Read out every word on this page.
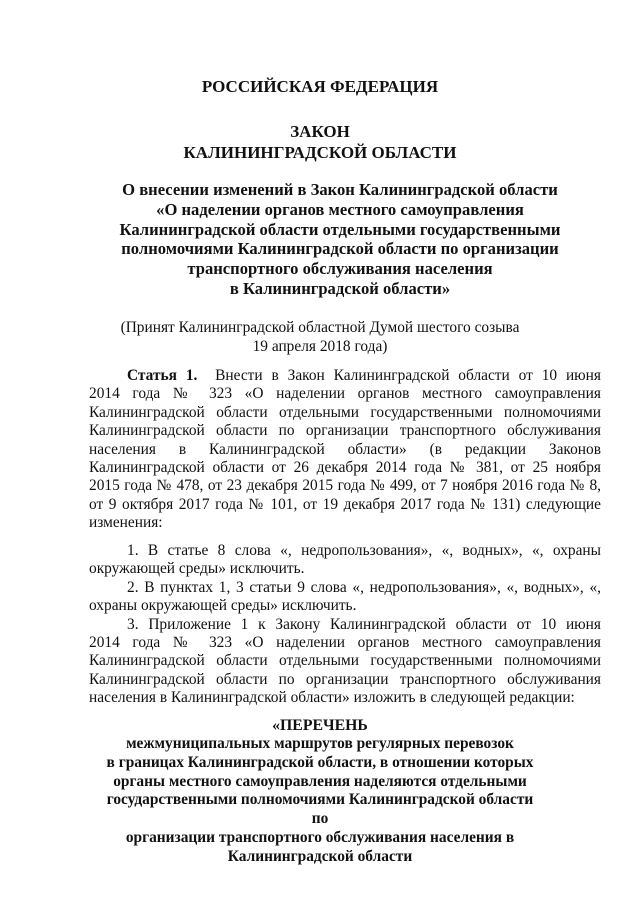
РОССИЙСКАЯ ФЕДЕРАЦИЯ
ЗАКОН
КАЛИНИНГРАДСКОЙ ОБЛАСТИ
О внесении изменений в Закон Калининградской области
«О наделении органов местного самоуправления
Калининградской области отдельными государственными
полномочиями Калининградской области по организации
транспортного обслуживания населения
в Калининградской области»
(Принят Калининградской областной Думой шестого созыва
19 апреля 2018 года)
Статья 1. Внести в Закон Калининградской области от 10 июня
2014 года № 323 «О наделении органов местного самоуправления
Калининградской области отдельными государственными полномочиями
Калининградской области по организации транспортного обслуживания
населения в Калининградской области» (в редакции Законов
Калининградской области от 26 декабря 2014 года № 381, от 25 ноября
2015 года № 478, от 23 декабря 2015 года № 499, от 7 ноября 2016 года № 8,
от 9 октября 2017 года № 101, от 19 декабря 2017 года № 131) следующие
изменения:
1. В статье 8 слова «, недропользования», «, водных», «, охраны
окружающей среды» исключить.
2. В пунктах 1, 3 статьи 9 слова «, недропользования», «, водных», «,
охраны окружающей среды» исключить.
3. Приложение 1 к Закону Калининградской области от 10 июня
2014 года № 323 «О наделении органов местного самоуправления
Калининградской области отдельными государственными полномочиями
Калининградской области по организации транспортного обслуживания
населения в Калининградской области» изложить в следующей редакции:
«ПЕРЕЧЕНЬ
межмуниципальных маршрутов регулярных перевозок
в границах Калининградской области, в отношении которых
органы местного самоуправления наделяются отдельными
государственными полномочиями Калининградской области по
организации транспортного обслуживания населения в
Калининградской области
